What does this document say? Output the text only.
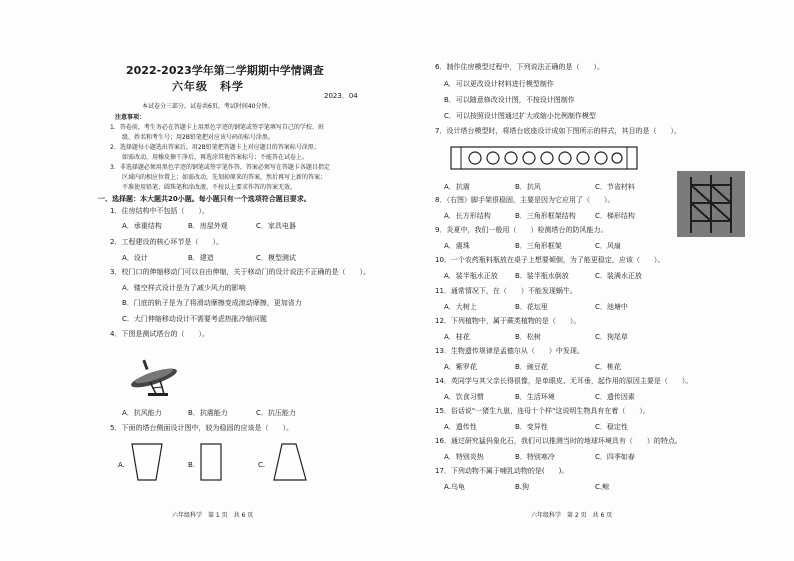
2022-2023学年第二学期期中学情调查
六年级　科学
2023．04
本试卷分三部分，试卷共6页，考试时间40分钟。
注意事项：
1．答卷前，考生务必在答题卡上用黑色字迹的钢笔或签字笔填写自己的学校、班
级、姓名和考生号；用2B铅笔把对应该号码的标号涂黑。
2．选择题每小题选出答案后，用2B铅笔把答题卡上对应题目的答案标号涂黑；
如需改动，用橡皮擦干净后，再选涂其他答案标号；不能答在试卷上。
3．非选择题必须用黑色字迹的钢笔或签字笔作答，答案必须写在答题卡各题目指定
区域内的相应位置上；如需改动，先划掉原来的答案，然后再写上新的答案；
不准使用铅笔、圆珠笔和涂改液。不按以上要求作答的答案无效。
一、选择题：本大题共20小题。每小题只有一个选项符合题目要求。
1．住房结构中不包括（　　）。
A．承重结构	B．房屋外观	C．家具电器
2．工程建设的核心环节是（　　）。
A．设计	B．建造	C．模型测试
3．校门口的伸缩移动门可以自由伸缩，关于移动门的设计说法不正确的是（　　）。
A．镂空样式设计是为了减少风力的影响
B．门底的轨子是为了将滑动摩擦变成滚动摩擦，更加省力
C．大门伸缩移动设计不需要考虑热胀冷缩问题
4．下图是测试塔台的（　　）。
A．抗风能力	B．抗震能力	C．抗压能力
5．下面的塔台侧面设计图中，较为稳固的应该是（　　）。
A.	B.	C.
六年级科学　第 1 页　共 6 页
6．制作住房模型过程中，下列说法正确的是（　　）。
A．可以更改设计材料进行模型制作
B．可以随意修改设计图，不按设计图制作
C．可以按照设计图通过扩大或缩小比例制作模型
7．设计塔台模型时，将塔台底座设计成如下图所示的样式，其目的是（　　）。
A．抗震	B．抗风	C．节省材料
8．（右图）脚手架很稳固，主要是因为它应用了（　　）。
A．长方形结构	B．三角形框架结构	C．梯形结构
9．炎夏中，我们一般用（　　）检测塔台的防风能力。
A．震珠	B．三角形框架	C．风扇
10．一个农药瓶料瓶放在桌子上想要倾倒，为了能更稳定，应该（　　）。
A．装半瓶水正放 B．装半瓶水倒放	C．装满水正放
11．通常情况下，在（　　）不能发现蜗牛。
A．大树上	B．花坛里	C．池塘中
12．下列植物中，属于蕨类植物的是（　　）。
A．桂花	B．松树	C．狗尾草
13．生物遗传规律是孟德尔从（　　）中发现。
A．紫罗花	B．豌豆花	C．桃花
14．英同学与其父亲长得很像，是单眼皮、无耳垂，起作用的原因主要是（　　）。
A．饮食习惯	B．生活环境	C．遗传因素
15．俗话说"一猪生九崽，连母十个样"这说明生物具有在着（　　）。
A．遗传性	B．变异性	C．稳定性
16．通过研究猛犸象化石，我们可以推测当时的地球环境具有（　　）的特点。
A．特别炎热	B．特别寒冷	C．四季如春
17．下列动物不属于哺乳动物的是(　　)。
A.乌龟	B.狗	C.鲸
六年级科学　第 2 页　共 6 页
